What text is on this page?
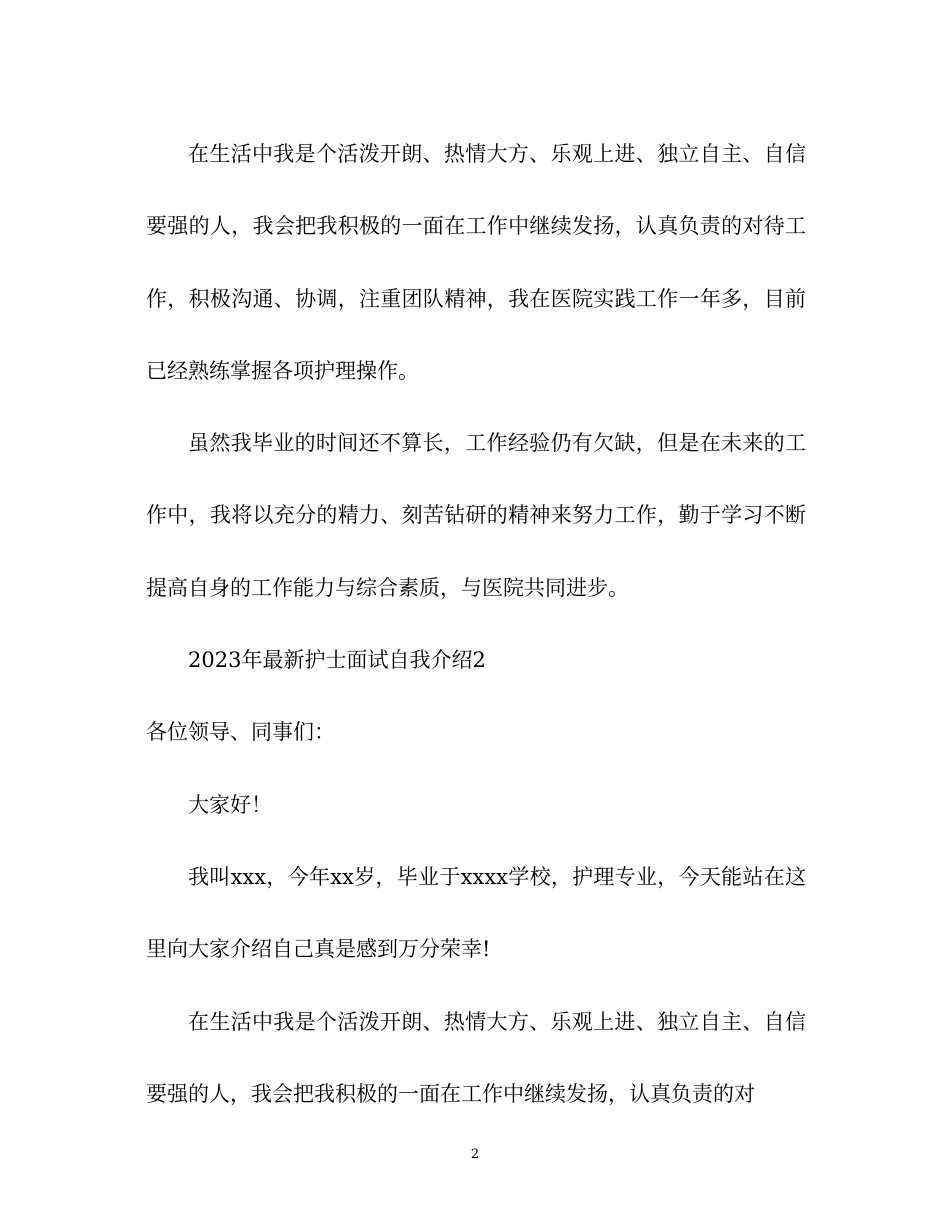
在生活中我是个活泼开朗、热情大方、乐观上进、独立自主、自信要强的人，我会把我积极的一面在工作中继续发扬，认真负责的对待工作，积极沟通、协调，注重团队精神，我在医院实践工作一年多，目前已经熟练掌握各项护理操作。

虽然我毕业的时间还不算长，工作经验仍有欠缺，但是在未来的工作中，我将以充分的精力、刻苦钻研的精神来努力工作，勤于学习不断提高自身的工作能力与综合素质，与医院共同进步。

2023年最新护士面试自我介绍2

各位领导、同事们：

大家好！

我叫xxx，今年xx岁，毕业于xxxx学校，护理专业，今天能站在这里向大家介绍自己真是感到万分荣幸!

在生活中我是个活泼开朗、热情大方、乐观上进、独立自主、自信要强的人，我会把我积极的一面在工作中继续发扬，认真负责的对

2
